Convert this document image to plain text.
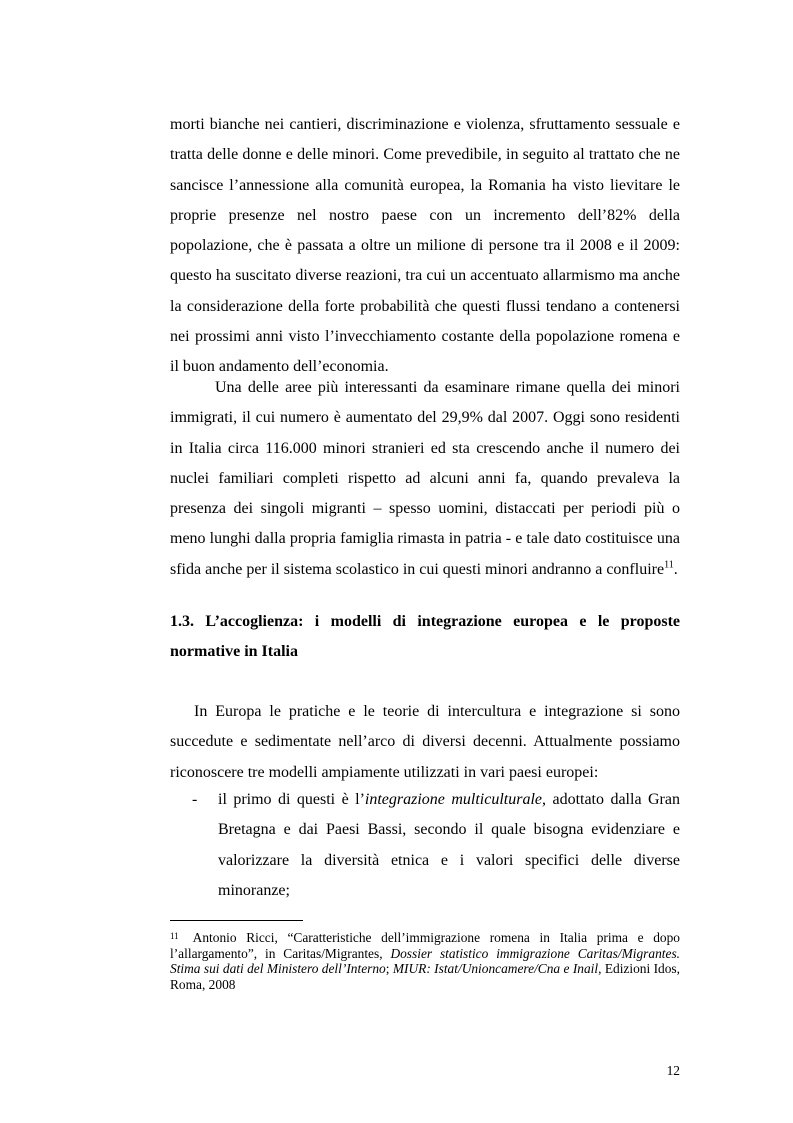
morti bianche nei cantieri, discriminazione e violenza, sfruttamento sessuale e tratta delle donne e delle minori. Come prevedibile, in seguito al trattato che ne sancisce l’annessione alla comunità europea, la Romania ha visto lievitare le proprie presenze nel nostro paese con un incremento dell’82% della popolazione, che è passata a oltre un milione di persone tra il 2008 e il 2009: questo ha suscitato diverse reazioni, tra cui un accentuato allarmismo ma anche la considerazione della forte probabilità che questi flussi tendano a contenersi nei prossimi anni visto l’invecchiamento costante della popolazione romena e il buon andamento dell’economia.

Una delle aree più interessanti da esaminare rimane quella dei minori immigrati, il cui numero è aumentato del 29,9% dal 2007. Oggi sono residenti in Italia circa 116.000 minori stranieri ed sta crescendo anche il numero dei nuclei familiari completi rispetto ad alcuni anni fa, quando prevaleva la presenza dei singoli migranti – spesso uomini, distaccati per periodi più o meno lunghi dalla propria famiglia rimasta in patria - e tale dato costituisce una sfida anche per il sistema scolastico in cui questi minori andranno a confluire$^{11}$.

1.3. L’accoglienza: i modelli di integrazione europea e le proposte normative in Italia

In Europa le pratiche e le teorie di intercultura e integrazione si sono succedute e sedimentate nell’arco di diversi decenni. Attualmente possiamo riconoscere tre modelli ampiamente utilizzati in vari paesi europei:

- il primo di questi è l’integrazione multiculturale, adottato dalla Gran Bretagna e dai Paesi Bassi, secondo il quale bisogna evidenziare e valorizzare la diversità etnica e i valori specifici delle diverse minoranze;

11 Antonio Ricci, “Caratteristiche dell’immigrazione romena in Italia prima e dopo l’allargamento”, in Caritas/Migrantes, Dossier statistico immigrazione Caritas/Migrantes. Stima sui dati del Ministero dell’Interno; MIUR: Istat/Unioncamere/Cna e Inail, Edizioni Idos, Roma, 2008

12
